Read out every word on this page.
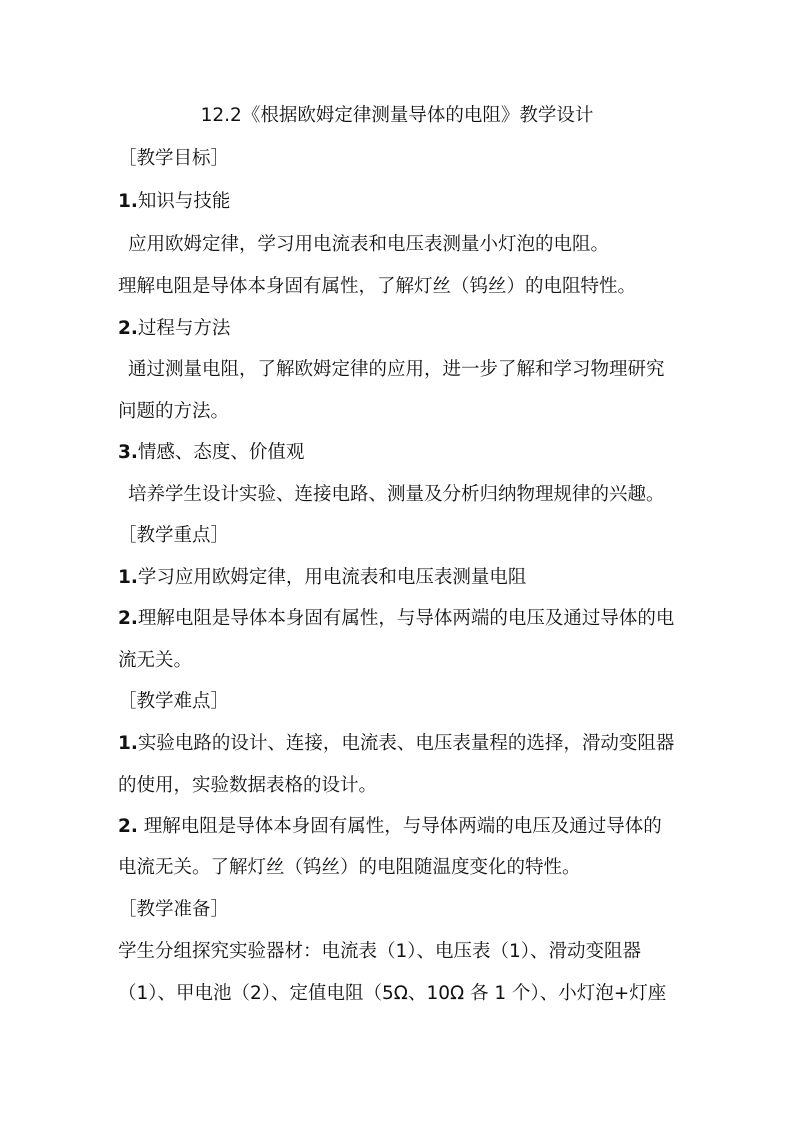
12.2《根据欧姆定律测量导体的电阻》教学设计
［教学目标］
1.知识与技能
应用欧姆定律，学习用电流表和电压表测量小灯泡的电阻。
理解电阻是导体本身固有属性，了解灯丝（钨丝）的电阻特性。
2.过程与方法
通过测量电阻，了解欧姆定律的应用，进一步了解和学习物理研究
问题的方法。
3.情感、态度、价值观
培养学生设计实验、连接电路、测量及分析归纳物理规律的兴趣。
［教学重点］
1.学习应用欧姆定律，用电流表和电压表测量电阻
2.理解电阻是导体本身固有属性，与导体两端的电压及通过导体的电
流无关。
［教学难点］
1.实验电路的设计、连接，电流表、电压表量程的选择，滑动变阻器
的使用，实验数据表格的设计。
2. 理解电阻是导体本身固有属性，与导体两端的电压及通过导体的
电流无关。了解灯丝（钨丝）的电阻随温度变化的特性。
［教学准备］
学生分组探究实验器材：电流表（1）、电压表（1）、滑动变阻器
（1）、甲电池（2）、定值电阻（5Ω、10Ω 各 1 个）、小灯泡+灯座
